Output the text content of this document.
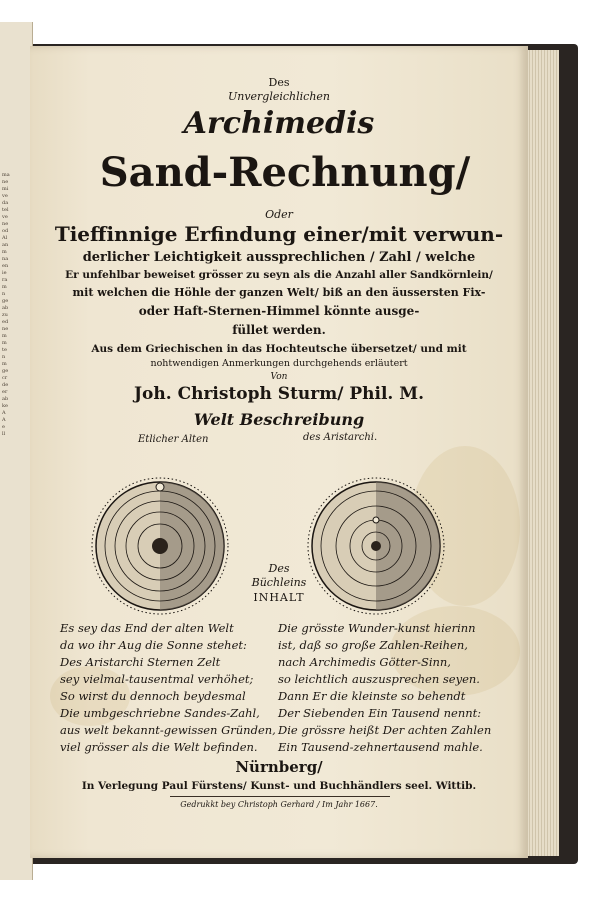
ma
ne
mi
ve
da
tel
ve
ne
od
Al
an
m
na
en
ie
ra
m
n
ge
ab
zu
ed
ne
m
m
te
n
m
ge
cr
de
er
ab
ke
A
A
e
ll
Des
Unvergleichlichen
Archimedis
Sand-Rechnung/
Oder
Tieffinnige Erfindung einer/mit verwun-
derlicher Leichtigkeit aussprechlichen / Zahl / welche
Er unfehlbar beweiset grösser zu seyn als die Anzahl aller Sandkörnlein/
mit welchen die Höhle der ganzen Welt/ biß an den äussersten Fix-
oder Haft-Sternen-Himmel könnte ausge-
füllet werden.
Aus dem Griechischen in das Hochteutsche übersetzet/ und mit
nohtwendigen Anmerkungen durchgehends erläutert
Von
Joh. Christoph Sturm/ Phil. M.
Welt Beschreibung
Etlicher Alten	des Aristarchi.
Des
Büchleins
INHALT
Es sey das End der alten Welt
da wo ihr Aug die Sonne stehet:
Des Aristarchi Sternen Zelt
sey vielmal-tausentmal verhöhet;
So wirst du dennoch beydesmal
Die umbgeschriebne Sandes-Zahl,
aus welt bekannt-gewissen Gründen,
viel grösser als die Welt befinden.
Die grösste Wunder-kunst hierinn
ist, daß so große Zahlen-Reihen,
nach Archimedis Götter-Sinn,
so leichtlich auszusprechen seyen.
Dann Er die kleinste so behendt
Der Siebenden Ein Tausend nennt:
Die grössre heißt Der achten Zahlen
Ein Tausend-zehnertausend mahle.
Nürnberg/
In Verlegung Paul Fürstens/ Kunst- und Buchhändlers seel. Wittib.
Gedrukkt bey Christoph Gerhard / Im Jahr 1667.
